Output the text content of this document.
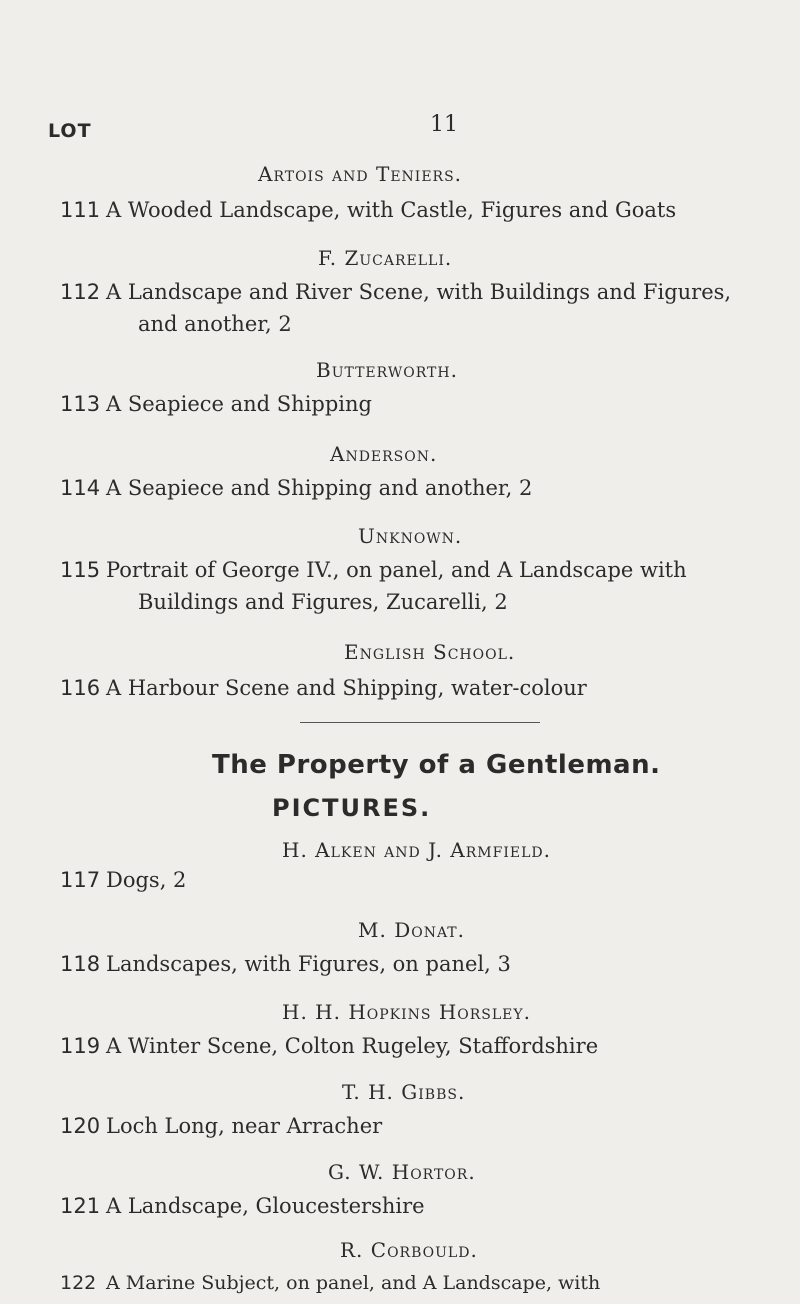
11
LOT
Artois and Teniers.
111 A Wooded Landscape, with Castle, Figures and Goats
F. Zucarelli.
112 A Landscape and River Scene, with Buildings and Figures,
and another, 2
Butterworth.
113 A Seapiece and Shipping
Anderson.
114 A Seapiece and Shipping and another, 2
Unknown.
115 Portrait of George IV., on panel, and A Landscape with
Buildings and Figures, Zucarelli, 2
English School.
116 A Harbour Scene and Shipping, water-colour
The Property of a Gentleman.
PICTURES.
H. Alken and J. Armfield.
117 Dogs, 2
M. Donat.
118 Landscapes, with Figures, on panel, 3
H. H. Hopkins Horsley.
119 A Winter Scene, Colton Rugeley, Staffordshire
T. H. Gibbs.
120 Loch Long, near Arracher
G. W. Hortor.
121 A Landscape, Gloucestershire
R. Corbould.
122 A Marine Subject, on panel, and A Landscape, with
